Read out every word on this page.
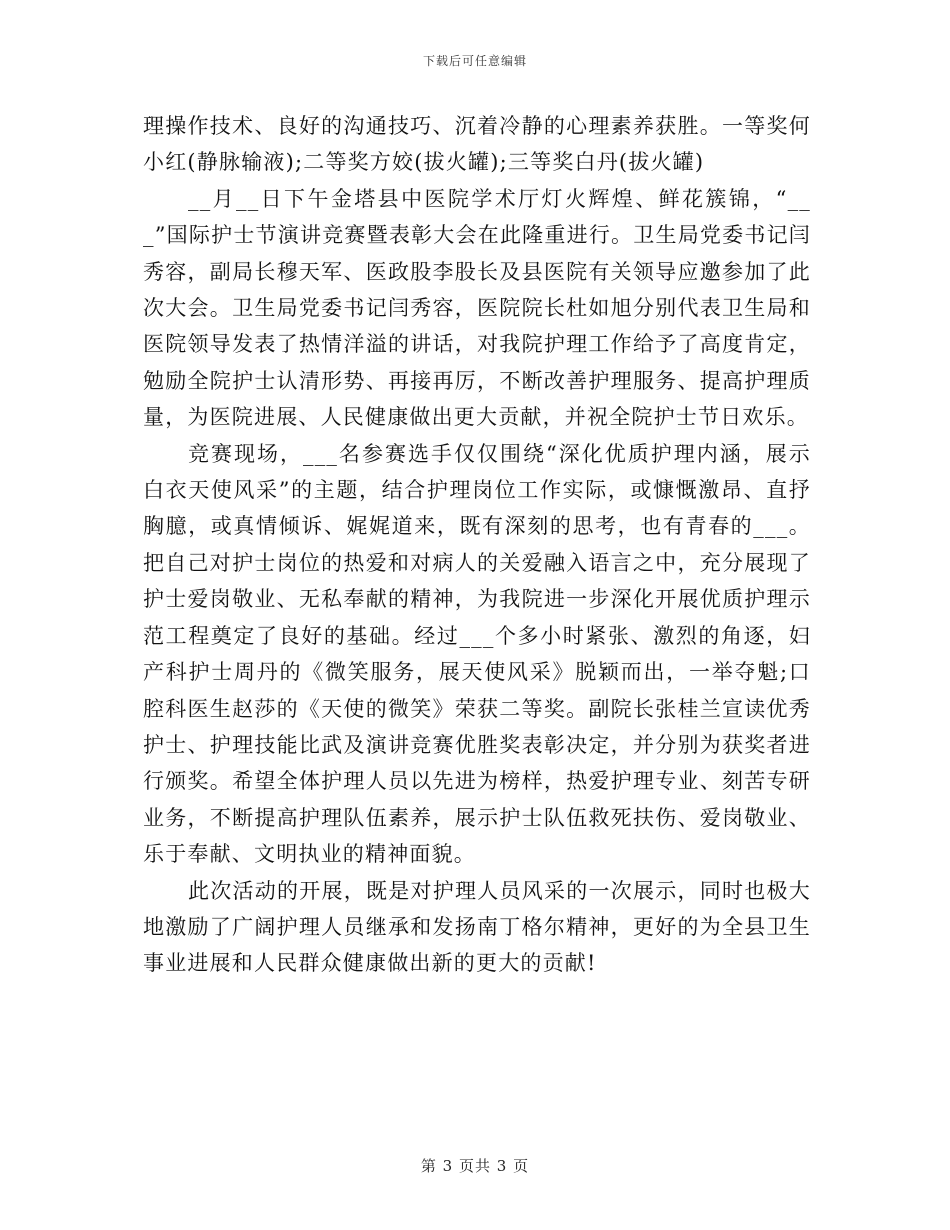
下载后可任意编辑

理操作技术、良好的沟通技巧、沉着冷静的心理素养获胜。一等奖何小红(静脉输液);二等奖方姣(拔火罐);三等奖白丹(拔火罐)

__月__日下午金塔县中医院学术厅灯火辉煌、鲜花簇锦，“___”国际护士节演讲竞赛暨表彰大会在此隆重进行。卫生局党委书记闫秀容，副局长穆天军、医政股李股长及县医院有关领导应邀参加了此次大会。卫生局党委书记闫秀容，医院院长杜如旭分别代表卫生局和医院领导发表了热情洋溢的讲话，对我院护理工作给予了高度肯定，勉励全院护士认清形势、再接再厉，不断改善护理服务、提高护理质量，为医院进展、人民健康做出更大贡献，并祝全院护士节日欢乐。

竞赛现场，___名参赛选手仅仅围绕“深化优质护理内涵，展示白衣天使风采”的主题，结合护理岗位工作实际，或慷慨激昂、直抒胸臆，或真情倾诉、娓娓道来，既有深刻的思考，也有青春的___。把自己对护士岗位的热爱和对病人的关爱融入语言之中，充分展现了护士爱岗敬业、无私奉献的精神，为我院进一步深化开展优质护理示范工程奠定了良好的基础。经过___个多小时紧张、激烈的角逐，妇产科护士周丹的《微笑服务，展天使风采》脱颖而出，一举夺魁;口腔科医生赵莎的《天使的微笑》荣获二等奖。副院长张桂兰宣读优秀护士、护理技能比武及演讲竞赛优胜奖表彰决定，并分别为获奖者进行颁奖。希望全体护理人员以先进为榜样，热爱护理专业、刻苦专研业务，不断提高护理队伍素养，展示护士队伍救死扶伤、爱岗敬业、乐于奉献、文明执业的精神面貌。

此次活动的开展，既是对护理人员风采的一次展示，同时也极大地激励了广阔护理人员继承和发扬南丁格尔精神，更好的为全县卫生事业进展和人民群众健康做出新的更大的贡献!

第 3 页共 3 页
